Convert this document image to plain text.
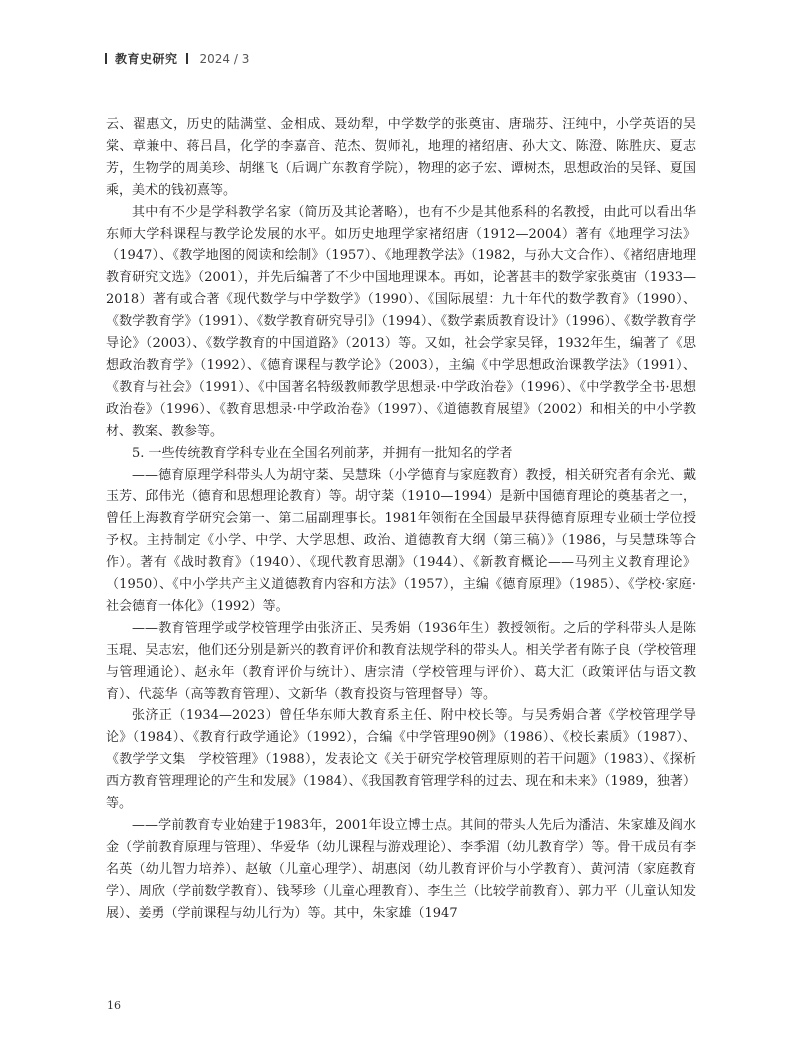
教育史研究 2024 / 3

云、翟惠文，历史的陆满堂、金相成、聂幼犁，中学数学的张奠宙、唐瑞芬、汪纯中，小学英语的吴棠、章兼中、蒋吕昌，化学的李嘉音、范杰、贺师礼，地理的褚绍唐、孙大文、陈澄、陈胜庆、夏志芳，生物学的周美珍、胡继飞（后调广东教育学院），物理的宓子宏、谭树杰，思想政治的吴铎、夏国乘，美术的钱初熹等。

其中有不少是学科教学名家（简历及其论著略），也有不少是其他系科的名教授，由此可以看出华东师大学科课程与教学论发展的水平。如历史地理学家褚绍唐（1912—2004）著有《地理学习法》（1947）、《教学地图的阅读和绘制》（1957）、《地理教学法》（1982，与孙大文合作）、《褚绍唐地理教育研究文选》（2001），并先后编著了不少中国地理课本。再如，论著甚丰的数学家张奠宙（1933—2018）著有或合著《现代数学与中学数学》（1990）、《国际展望：九十年代的数学教育》（1990）、《数学教育学》（1991）、《数学教育研究导引》（1994）、《数学素质教育设计》（1996）、《数学教育学导论》（2003）、《数学教育的中国道路》（2013）等。又如，社会学家吴铎，1932年生，编著了《思想政治教育学》（1992）、《德育课程与教学论》（2003），主编《中学思想政治课教学法》（1991）、《教育与社会》（1991）、《中国著名特级教师教学思想录·中学政治卷》（1996）、《中学教学全书·思想政治卷》（1996）、《教育思想录·中学政治卷》（1997）、《道德教育展望》（2002）和相关的中小学教材、教案、教参等。

5. 一些传统教育学科专业在全国名列前茅，并拥有一批知名的学者

——德育原理学科带头人为胡守棻、吴慧珠（小学德育与家庭教育）教授，相关研究者有余光、戴玉芳、邱伟光（德育和思想理论教育）等。胡守棻（1910—1994）是新中国德育理论的奠基者之一，曾任上海教育学研究会第一、第二届副理事长。1981年领衔在全国最早获得德育原理专业硕士学位授予权。主持制定《小学、中学、大学思想、政治、道德教育大纲（第三稿）》（1986，与吴慧珠等合作）。著有《战时教育》（1940）、《现代教育思潮》（1944）、《新教育概论——马列主义教育理论》（1950）、《中小学共产主义道德教育内容和方法》（1957），主编《德育原理》（1985）、《学校·家庭·社会德育一体化》（1992）等。

——教育管理学或学校管理学由张济正、吴秀娟（1936年生）教授领衔。之后的学科带头人是陈玉琨、吴志宏，他们还分别是新兴的教育评价和教育法规学科的带头人。相关学者有陈子良（学校管理与管理通论）、赵永年（教育评价与统计）、唐宗清（学校管理与评价）、葛大汇（政策评估与语文教育）、代蕊华（高等教育管理）、文新华（教育投资与管理督导）等。

张济正（1934—2023）曾任华东师大教育系主任、附中校长等。与吴秀娟合著《学校管理学导论》（1984）、《教育行政学通论》（1992），合编《中学管理90例》（1986）、《校长素质》（1987）、《教学学文集　学校管理》（1988），发表论文《关于研究学校管理原则的若干问题》（1983）、《探析西方教育管理理论的产生和发展》（1984）、《我国教育管理学科的过去、现在和未来》（1989，独著）等。

——学前教育专业始建于1983年，2001年设立博士点。其间的带头人先后为潘洁、朱家雄及阎水金（学前教育原理与管理）、华爱华（幼儿课程与游戏理论）、李季湄（幼儿教育学）等。骨干成员有李名英（幼儿智力培养）、赵敏（儿童心理学）、胡惠闵（幼儿教育评价与小学教育）、黄河清（家庭教育学）、周欣（学前数学教育）、钱琴珍（儿童心理教育）、李生兰（比较学前教育）、郭力平（儿童认知发展）、姜勇（学前课程与幼儿行为）等。其中，朱家雄（1947

16
